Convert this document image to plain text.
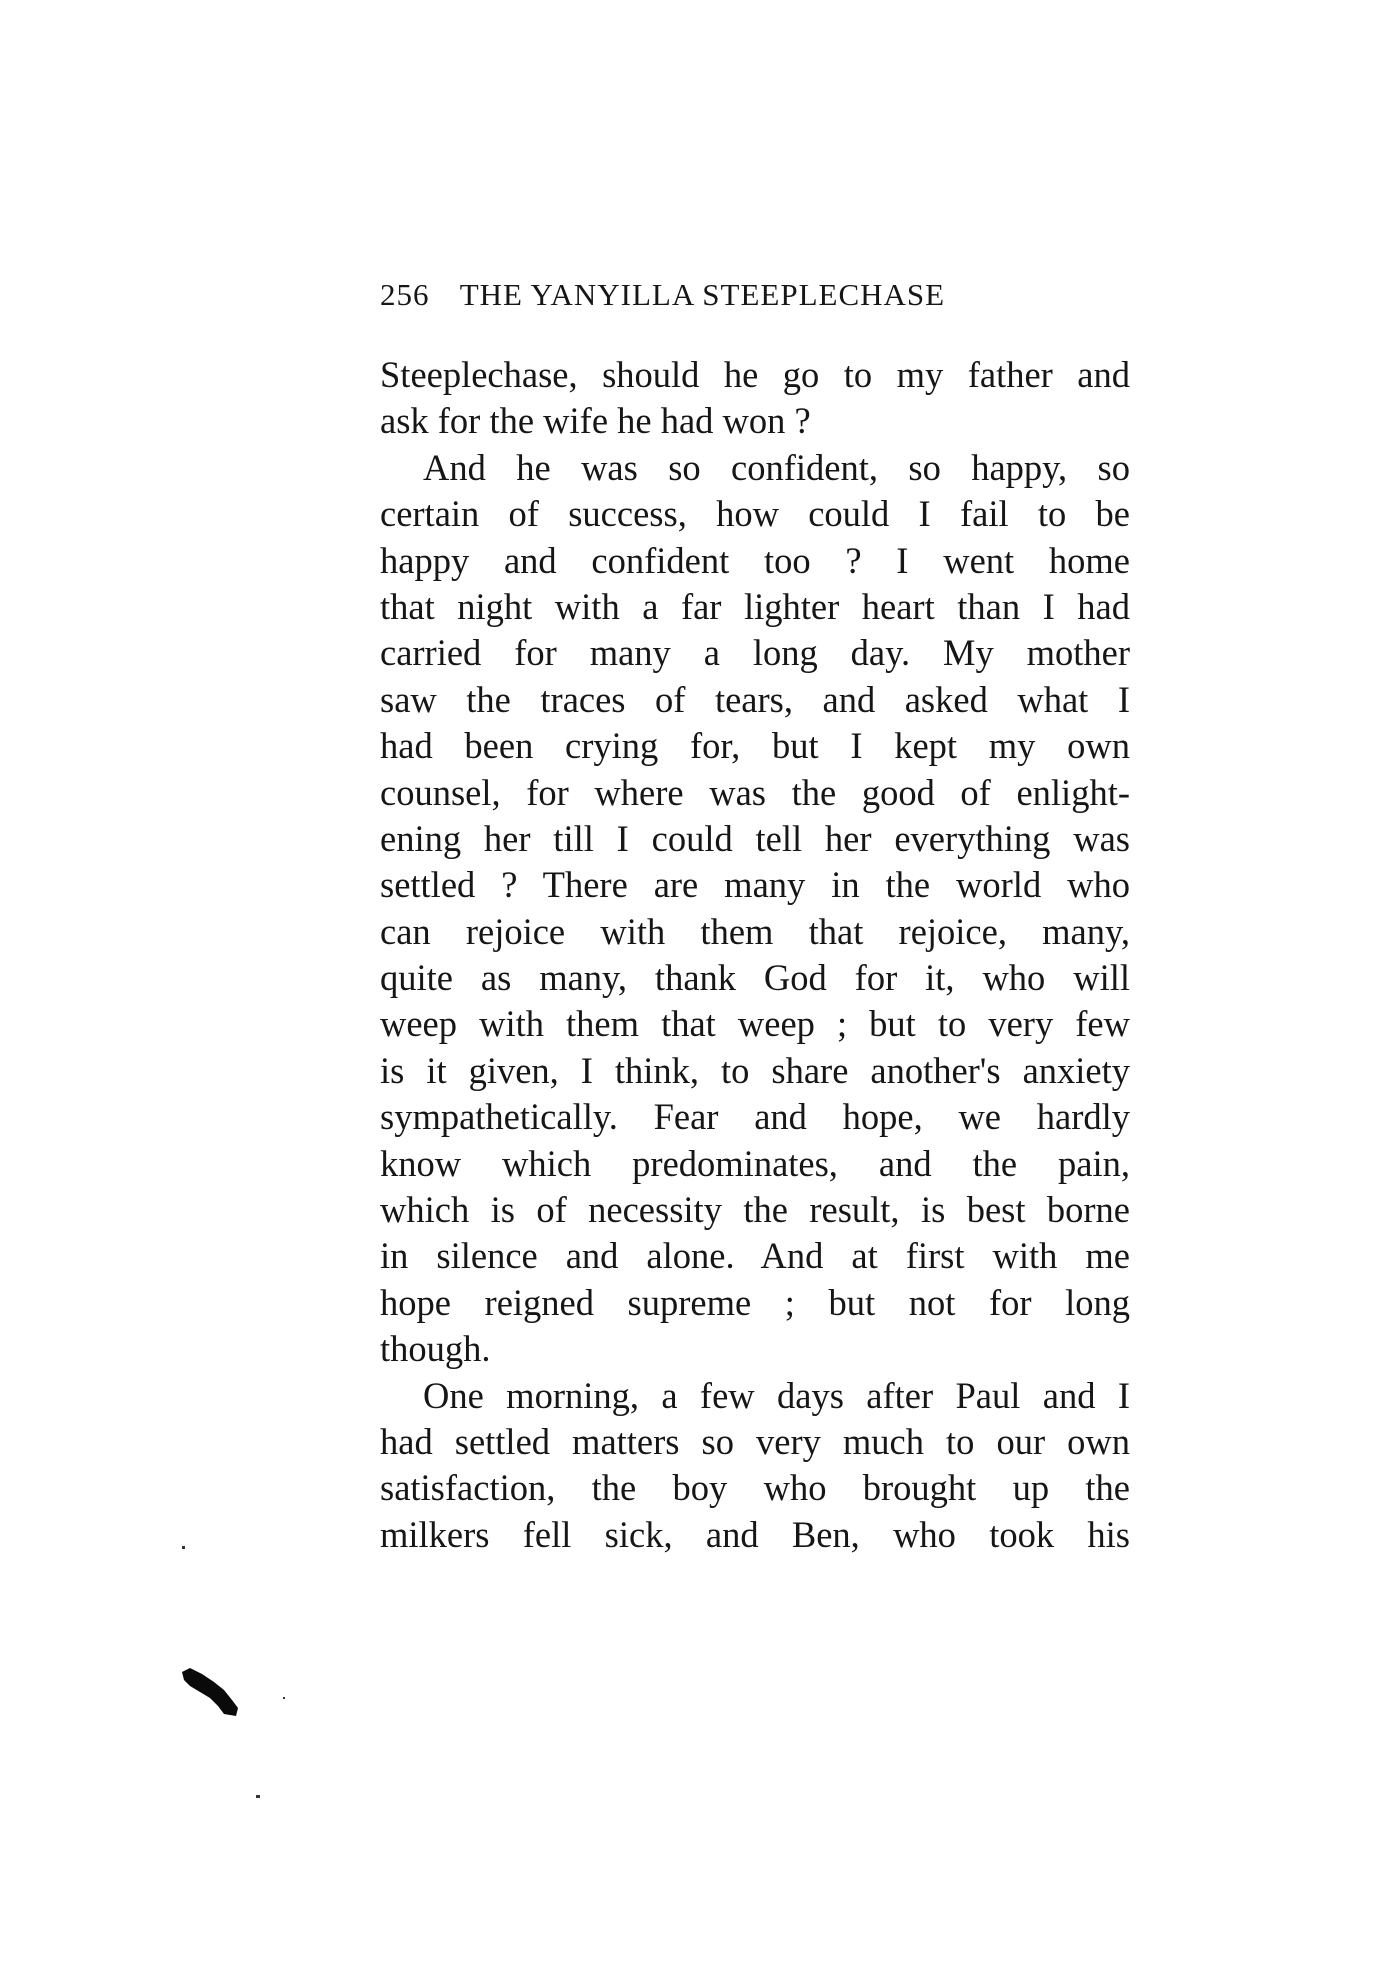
256 THE YANYILLA STEEPLECHASE
Steeplechase, should he go to my father and
ask for the wife he had won ?
And he was so confident, so happy, so
certain of success, how could I fail to be
happy and confident too ? I went home
that night with a far lighter heart than I had
carried for many a long day. My mother
saw the traces of tears, and asked what I
had been crying for, but I kept my own
counsel, for where was the good of enlight-
ening her till I could tell her everything was
settled ? There are many in the world who
can rejoice with them that rejoice, many,
quite as many, thank God for it, who will
weep with them that weep ; but to very few
is it given, I think, to share another's anxiety
sympathetically. Fear and hope, we hardly
know which predominates, and the pain,
which is of necessity the result, is best borne
in silence and alone. And at first with me
hope reigned supreme ; but not for long
though.
One morning, a few days after Paul and I
had settled matters so very much to our own
satisfaction, the boy who brought up the
milkers fell sick, and Ben, who took his
